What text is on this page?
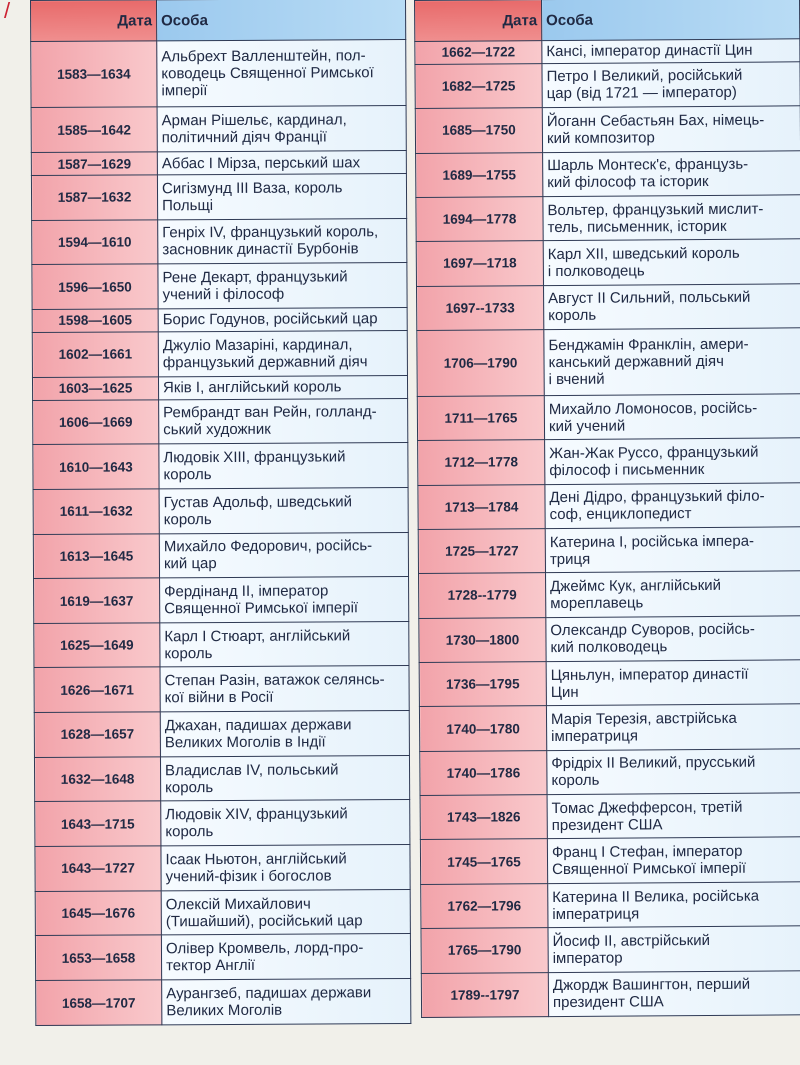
/	Дата	Особа
1583—1634	Альбрехт Валленштейн, пол-
ководець Священної Римської
імперії
1585—1642	Арман Рішельє, кардинал,
політичний діяч Франції
1587—1629	Аббас І Мірза, перський шах
1587—1632	Сигізмунд III Ваза, король
Польщі
1594—1610	Генріх IV, французький король,
засновник династії Бурбонів
1596—1650	Рене Декарт, французький
учений і філософ
1598—1605	Борис Годунов, російський цар
1602—1661	Джуліо Мазаріні, кардинал,
французький державний діяч
1603—1625	Яків І, англійський король
1606—1669	Рембрандт ван Рейн, голланд-
ський художник
1610—1643	Людовік XIII, французький
король
1611—1632	Густав Адольф, шведський
король
1613—1645	Михайло Федорович, російсь-
кий цар
1619—1637	Фердінанд II, імператор
Священної Римської імперії
1625—1649	Карл І Стюарт, англійський
король
1626—1671	Степан Разін, ватажок селянсь-
кої війни в Росії
1628—1657	Джахан, падишах держави
Великих Моголів в Індії
1632—1648	Владислав IV, польський
король
1643—1715	Людовік XIV, французький
король
1643—1727	Ісаак Ньютон, англійський
учений-фізик і богослов
1645—1676	Олексій Михайлович
(Тишайший), російський цар
1653—1658	Олівер Кромвель, лорд-про-
тектор Англії
1658—1707	Аурангзеб, падишах держави
Великих Моголів
Дата	Особа
1662—1722	Кансі, імператор династії Цин
1682—1725	Петро І Великий, російський
цар (від 1721 — імператор)
1685—1750	Йоганн Себастьян Бах, німець-
кий композитор
1689—1755	Шарль Монтеск'є, французь-
кий філософ та історик
1694—1778	Вольтер, французький мислит-
тель, письменник, історик
1697—1718	Карл XII, шведський король
і полководець
1697--1733	Август II Сильний, польський
король
1706—1790	Бенджамін Франклін, амери-
канський державний діяч
і вчений
1711—1765	Михайло Ломоносов, російсь-
кий учений
1712—1778	Жан-Жак Руссо, французький
філософ і письменник
1713—1784	Дені Дідро, французький філо-
соф, енциклопедист
1725—1727	Катерина І, російська імпера-
триця
1728--1779	Джеймс Кук, англійський
мореплавець
1730—1800	Олександр Суворов, російсь-
кий полководець
1736—1795	Цяньлун, імператор династії
Цин
1740—1780	Марія Терезія, австрійська
імператриця
1740—1786	Фрідріх II Великий, прусський
король
1743—1826	Томас Джефферсон, третій
президент США
1745—1765	Франц І Стефан, імператор
Священної Римської імперії
1762—1796	Катерина II Велика, російська
імператриця
1765—1790	Йосиф II, австрійський
імператор
1789--1797	Джордж Вашингтон, перший
президент США
